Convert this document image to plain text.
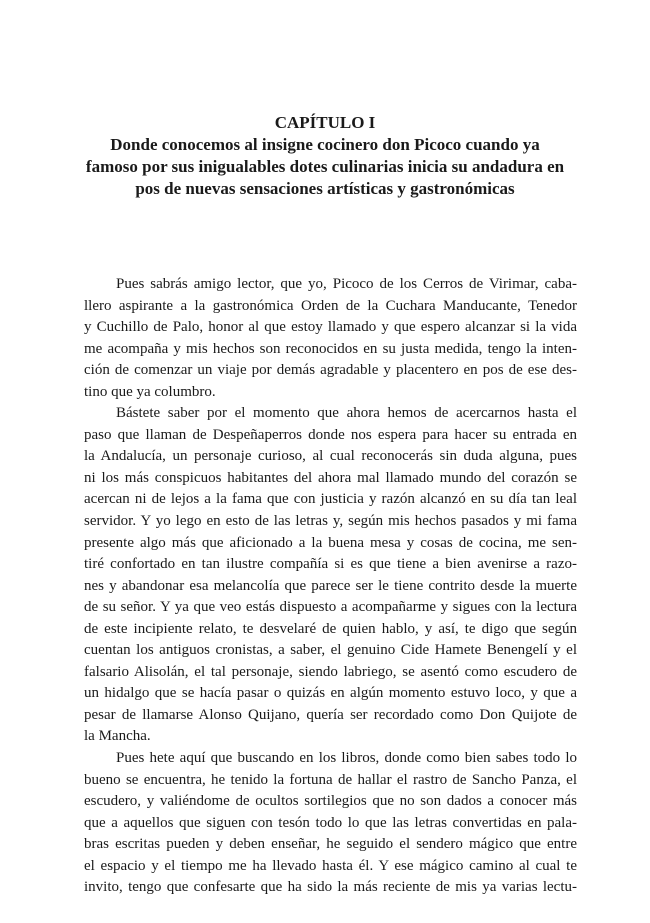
CAPÍTULO I
Donde conocemos al insigne cocinero don Picoco cuando ya
famoso por sus inigualables dotes culinarias inicia su andadura en
pos de nuevas sensaciones artísticas y gastronómicas
Pues sabrás amigo lector, que yo, Picoco de los Cerros de Virimar, caba-
llero aspirante a la gastronómica Orden de la Cuchara Manducante, Tenedor
y Cuchillo de Palo, honor al que estoy llamado y que espero alcanzar si la vida
me acompaña y mis hechos son reconocidos en su justa medida, tengo la inten-
ción de comenzar un viaje por demás agradable y placentero en pos de ese des-
tino que ya columbro.
Bástete saber por el momento que ahora hemos de acercarnos hasta el
paso que llaman de Despeñaperros donde nos espera para hacer su entrada en
la Andalucía, un personaje curioso, al cual reconocerás sin duda alguna, pues
ni los más conspicuos habitantes del ahora mal llamado mundo del corazón se
acercan ni de lejos a la fama que con justicia y razón alcanzó en su día tan leal
servidor. Y yo lego en esto de las letras y, según mis hechos pasados y mi fama
presente algo más que aficionado a la buena mesa y cosas de cocina, me sen-
tiré confortado en tan ilustre compañía si es que tiene a bien avenirse a razo-
nes y abandonar esa melancolía que parece ser le tiene contrito desde la muerte
de su señor. Y ya que veo estás dispuesto a acompañarme y sigues con la lectura
de este incipiente relato, te desvelaré de quien hablo, y así, te digo que según
cuentan los antiguos cronistas, a saber, el genuino Cide Hamete Benengelí y el
falsario Alisolán, el tal personaje, siendo labriego, se asentó como escudero de
un hidalgo que se hacía pasar o quizás en algún momento estuvo loco, y que a
pesar de llamarse Alonso Quijano, quería ser recordado como Don Quijote de
la Mancha.
Pues hete aquí que buscando en los libros, donde como bien sabes todo lo
bueno se encuentra, he tenido la fortuna de hallar el rastro de Sancho Panza, el
escudero, y valiéndome de ocultos sortilegios que no son dados a conocer más
que a aquellos que siguen con tesón todo lo que las letras convertidas en pala-
bras escritas pueden y deben enseñar, he seguido el sendero mágico que entre
el espacio y el tiempo me ha llevado hasta él. Y ese mágico camino al cual te
invito, tengo que confesarte que ha sido la más reciente de mis ya varias lectu-
